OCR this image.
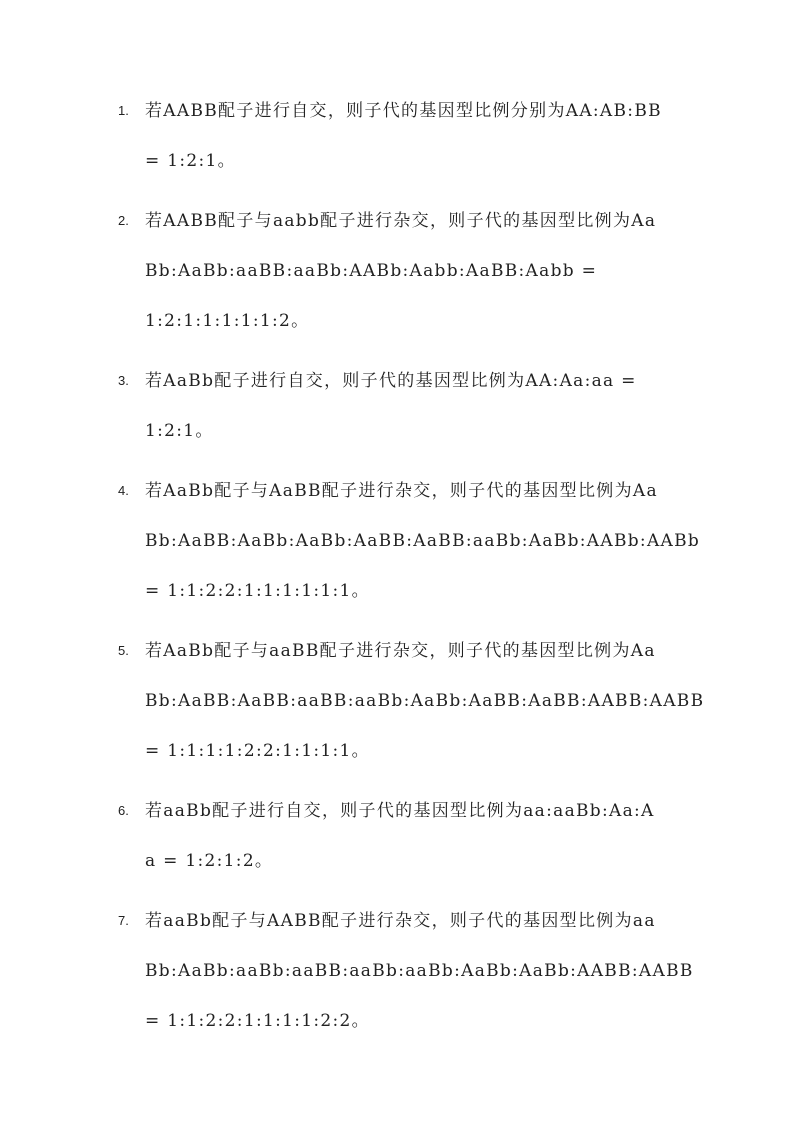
1. 若AABB配子进行自交，则子代的基因型比例分别为AA:AB:BB
= 1:2:1。
2. 若AABB配子与aabb配子进行杂交，则子代的基因型比例为Aa
Bb:AaBb:aaBB:aaBb:AABb:Aabb:AaBB:Aabb =
1:2:1:1:1:1:1:2。
3. 若AaBb配子进行自交，则子代的基因型比例为AA:Aa:aa =
1:2:1。
4. 若AaBb配子与AaBB配子进行杂交，则子代的基因型比例为Aa
Bb:AaBB:AaBb:AaBb:AaBB:AaBB:aaBb:AaBb:AABb:AABb
= 1:1:2:2:1:1:1:1:1:1。
5. 若AaBb配子与aaBB配子进行杂交，则子代的基因型比例为Aa
Bb:AaBB:AaBB:aaBB:aaBb:AaBb:AaBB:AaBB:AABB:AABB
= 1:1:1:1:2:2:1:1:1:1。
6. 若aaBb配子进行自交，则子代的基因型比例为aa:aaBb:Aa:A
a = 1:2:1:2。
7. 若aaBb配子与AABB配子进行杂交，则子代的基因型比例为aa
Bb:AaBb:aaBb:aaBB:aaBb:aaBb:AaBb:AaBb:AABB:AABB
= 1:1:2:2:1:1:1:1:2:2。
